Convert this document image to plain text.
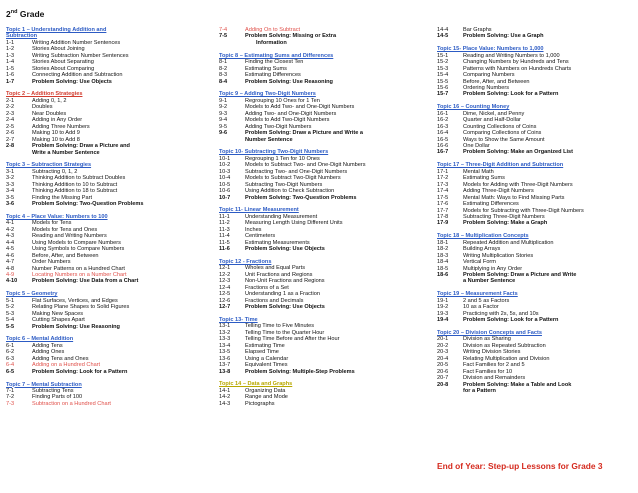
2nd Grade
Topic 1 – Understanding Addition and
Subtraction
1-1	Writing Addition Number Sentences
1-2	Stories About Joining
1-3	Writing Subtraction Number Sentences
1-4	Stories About Separating
1-5	Stories About Comparing
1-6	Connecting Addition and Subtraction
1-7	Problem Solving: Use Objects
Topic 2 – Addition Strategies
2-1	Adding 0, 1, 2
2-2	Doubles
2-3	Near Doubles
2-4	Adding in Any Order
2-5	Adding Three Numbers
2-6	Making 10 to Add 9
2-7	Making 10 to Add 8
2-8	Problem Solving: Draw a Picture and
Write a Number Sentence
Topic 3 – Subtraction Strategies
3-1	Subtracting 0, 1, 2
3-2	Thinking Addition to Subtract Doubles
3-3	Thinking Addition to 10 to Subtract
3-4	Thinking Addition to 18 to Subtract
3-5	Finding the Missing Part
3-6	Problem Solving: Two-Question Problems
Topic 4 – Place Value: Numbers to 100
4-1	Models for Tens
4-2	Models for Tens and Ones
4-3	Reading and Writing Numbers
4-4	Using Models to Compare Numbers
4-5	Using Symbols to Compare Numbers
4-6	Before, After, and Between
4-7	Order Numbers
4-8	Number Patterns on a Hundred Chart
4-9	Locating Numbers on a Number Chart
4-10	Problem Solving: Use Data from a Chart
Topic 5 – Geometry
5-1	Flat Surfaces, Vertices, and Edges
5-2	Relating Plane Shapes to Solid Figures
5-3	Making New Spaces
5-4	Cutting Shapes Apart
5-5	Problem Solving: Use Reasoning
Topic 6 – Mental Addition
6-1	Adding Tens
6-2	Adding Ones
6-3	Adding Tens and Ones
6-4	Adding on a Hundred Chart
6-5	Problem Solving: Look for a Pattern
Topic 7 – Mental Subtraction
7-1	Subtracting Tens
7-2	Finding Parts of 100
7-3	Subtraction on a Hundred Chart
7-4	Adding On to Subtract
7-5	Problem Solving: Missing or Extra
Information
Topic 8 – Estimating Sums and Differences
8-1	Finding the Closest Ten
8-2	Estimating Sums
8-3	Estimating Differences
8-4	Problem Solving: Use Reasoning
Topic 9 – Adding Two-Digit Numbers
9-1	Regrouping 10 Ones for 1 Ten
9-2	Models to Add Two- and One-Digit Numbers
9-3	Adding Two- and One-Digit Numbers
9-4	Models to Add Two-Digit Numbers
9-5	Adding Two-Digit Numbers
9-6	Problem Solving: Draw a Picture and Write a
Number Sentence
Topic 10- Subtracting Two-Digit Numbers
10-1	Regrouping 1 Ten for 10 Ones
10-2	Models to Subtract Two- and One-Digit Numbers
10-3	Subtracting Two- and One-Digit Numbers
10-4	Models to Subtract Two-Digit Numbers
10-5	Subtracting Two-Digit Numbers
10-6	Using Addition to Check Subtraction
10-7	Problem Solving: Two-Question Problems
Topic 11- Linear Measurement
11-1	Understanding Measurement
11-2	Measuring Length Using Different Units
11-3	Inches
11-4	Centimeters
11-5	Estimating Measurements
11-6	Problem Solving: Use Objects
Topic 12 - Fractions
12-1	Wholes and Equal Parts
12-2	Unit Fractions and Regions
12-3	Non-Unit Fractions and Regions
12-4	Fractions of a Set
12-5	Understanding 1 as a Fraction
12-6	Fractions and Decimals
12-7	Problem Solving: Use Objects
Topic 13- Time
13-1	Telling Time to Five Minutes
13-2	Telling Time to the Quarter Hour
13-3	Telling Time Before and After the Hour
13-4	Estimating Time
13-5	Elapsed Time
13-6	Using a Calendar
13-7	Equivalent Times
13-8	Problem Solving: Multiple-Step Problems
Topic 14 – Data and Graphs
14-1	Organizing Data
14-2	Range and Mode
14-3	Pictographs
14-4	Bar Graphs
14-5	Problem Solving: Use a Graph
Topic 15- Place Value: Numbers to 1,000
15-1	Reading and Writing Numbers to 1,000
15-2	Changing Numbers by Hundreds and Tens
15-3	Patterns with Numbers on Hundreds Charts
15-4	Comparing Numbers
15-5	Before, After, and Between
15-6	Ordering Numbers
15-7	Problem Solving: Look for a Pattern
Topic 16 – Counting Money
16-1	Dime, Nickel, and Penny
16-2	Quarter and Half-Dollar
16-3	Counting Collections of Coins
16-4	Comparing Collections of Coins
16-5	Ways to Show the Same Amount
16-6	One Dollar
16-7	Problem Solving: Make an Organized List
Topic 17 – Three-Digit Addition and Subtraction
17-1	Mental Math
17-2	Estimating Sums
17-3	Models for Adding with Three-Digit Numbers
17-4	Adding Three-Digit Numbers
17-5	Mental Math: Ways to Find Missing Parts
17-6	Estimating Differences
17-7	Models for Subtracting with Three-Digit Numbers
17-8	Subtracting Three-Digit Numbers
17-9	Problem Solving: Make a Graph
Topic 18 – Multiplication Concepts
18-1	Repeated Addition and Multiplication
18-2	Building Arrays
18-3	Writing Multiplication Stories
18-4	Vertical Form
18-5	Multiplying in Any Order
18-6	Problem Solving: Draw a Picture and Write
a Number Sentence
Topic 19 – Measurement Facts
19-1	2 and 5 as Factors
19-2	10 as a Factor
19-3	Practicing with 2s, 5s, and 10s
19-4	Problem Solving: Look for a Pattern
Topic 20 – Division Concepts and Facts
20-1	Division as Sharing
20-2	Division as Repeated Subtraction
20-3	Writing Division Stories
20-4	Relating Multiplication and Division
20-5	Fact Families for 2 and 5
20-6	Fact Families for 10
20-7	Division and Remainders
20-8	Problem Solving: Make a Table and Look
for a Pattern
End of Year: Step-up Lessons for Grade 3
